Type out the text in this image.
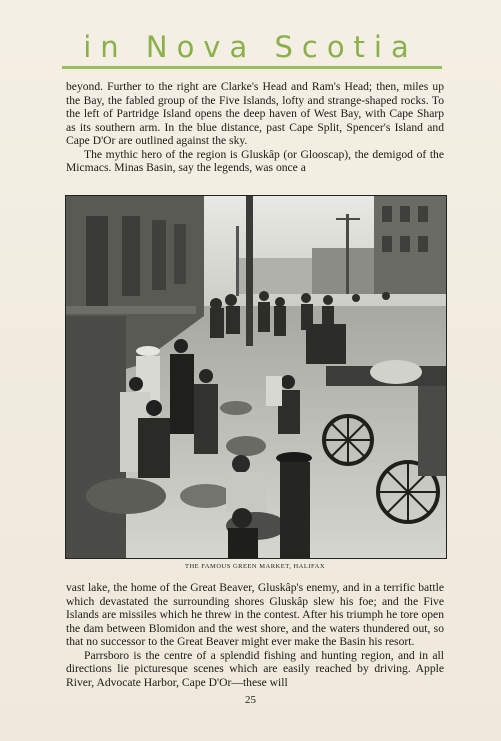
in Nova Scotia

beyond. Further to the right are Clarke's Head and Ram's Head; then, miles up the Bay, the fabled group of the Five Islands, lofty and strange-shaped rocks. To the left of Partridge Island opens the deep haven of West Bay, with Cape Sharp as its southern arm. In the blue distance, past Cape Split, Spencer's Island and Cape D'Or are outlined against the sky.

The mythic hero of the region is Gluskâp (or Glooscap), the demigod of the Micmacs. Minas Basin, say the legends, was once a

THE FAMOUS GREEN MARKET, HALIFAX

vast lake, the home of the Great Beaver, Gluskâp's enemy, and in a terrific battle which devastated the surrounding shores Gluskâp slew his foe; and the Five Islands are missiles which he threw in the contest. After his triumph he tore open the dam between Blomidon and the west shore, and the waters thundered out, so that no successor to the Great Beaver might ever make the Basin his resort.

Parrsboro is the centre of a splendid fishing and hunting region, and in all directions lie picturesque scenes which are easily reached by driving. Apple River, Advocate Harbor, Cape D'Or—these will

25
